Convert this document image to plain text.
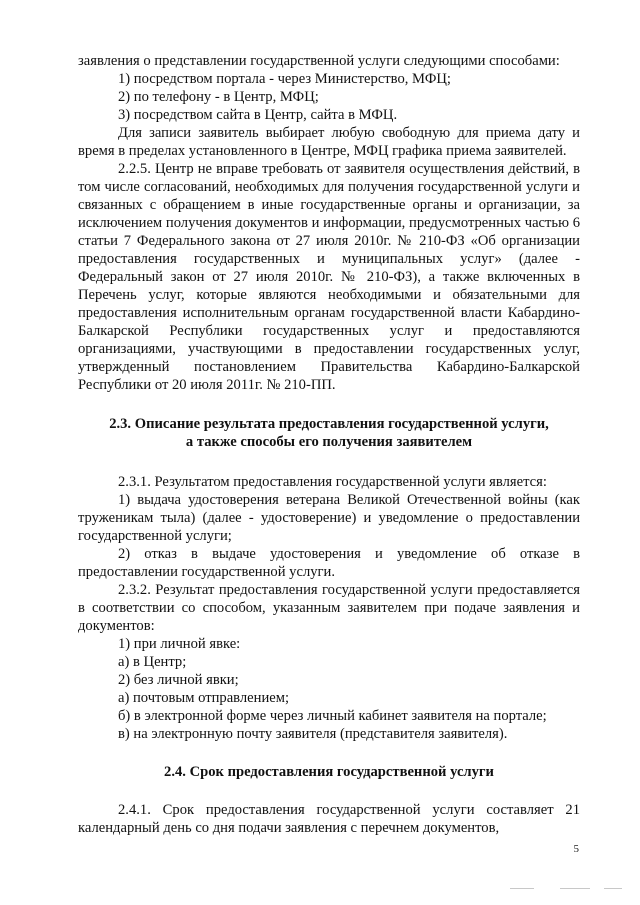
заявления о представлении государственной услуги следующими способами:

1) посредством портала - через Министерство, МФЦ;

2) по телефону - в Центр, МФЦ;

3) посредством сайта в Центр, сайта в МФЦ.

Для записи заявитель выбирает любую свободную для приема дату и время в пределах установленного в Центре, МФЦ графика приема заявителей.

2.2.5. Центр не вправе требовать от заявителя осуществления действий, в том числе согласований, необходимых для получения государственной услуги и связанных с обращением в иные государственные органы и организации, за исключением получения документов и информации, предусмотренных частью 6 статьи 7 Федерального закона от 27 июля 2010г. № 210-ФЗ «Об организации предоставления государственных и муниципальных услуг» (далее - Федеральный закон от 27 июля 2010г. № 210-ФЗ), а также включенных в Перечень услуг, которые являются необходимыми и обязательными для предоставления исполнительным органам государственной власти Кабардино-Балкарской Республики государственных услуг и предоставляются организациями, участвующими в предоставлении государственных услуг, утвержденный постановлением Правительства Кабардино-Балкарской Республики от 20 июля 2011г. № 210-ПП.

2.3. Описание результата предоставления государственной услуги,

а также способы его получения заявителем

2.3.1. Результатом предоставления государственной услуги является:

1) выдача удостоверения ветерана Великой Отечественной войны (как труженикам тыла) (далее - удостоверение) и уведомление о предоставлении государственной услуги;

2) отказ в выдаче удостоверения и уведомление об отказе в предоставлении государственной услуги.

2.3.2. Результат предоставления государственной услуги предоставляется в соответствии со способом, указанным заявителем при подаче заявления и документов:

1) при личной явке:

а) в Центр;

2) без личной явки;

а) почтовым отправлением;

б) в электронной форме через личный кабинет заявителя на портале;

в) на электронную почту заявителя (представителя заявителя).

2.4. Срок предоставления государственной услуги

2.4.1. Срок предоставления государственной услуги составляет 21 календарный день со дня подачи заявления с перечнем документов,

5
